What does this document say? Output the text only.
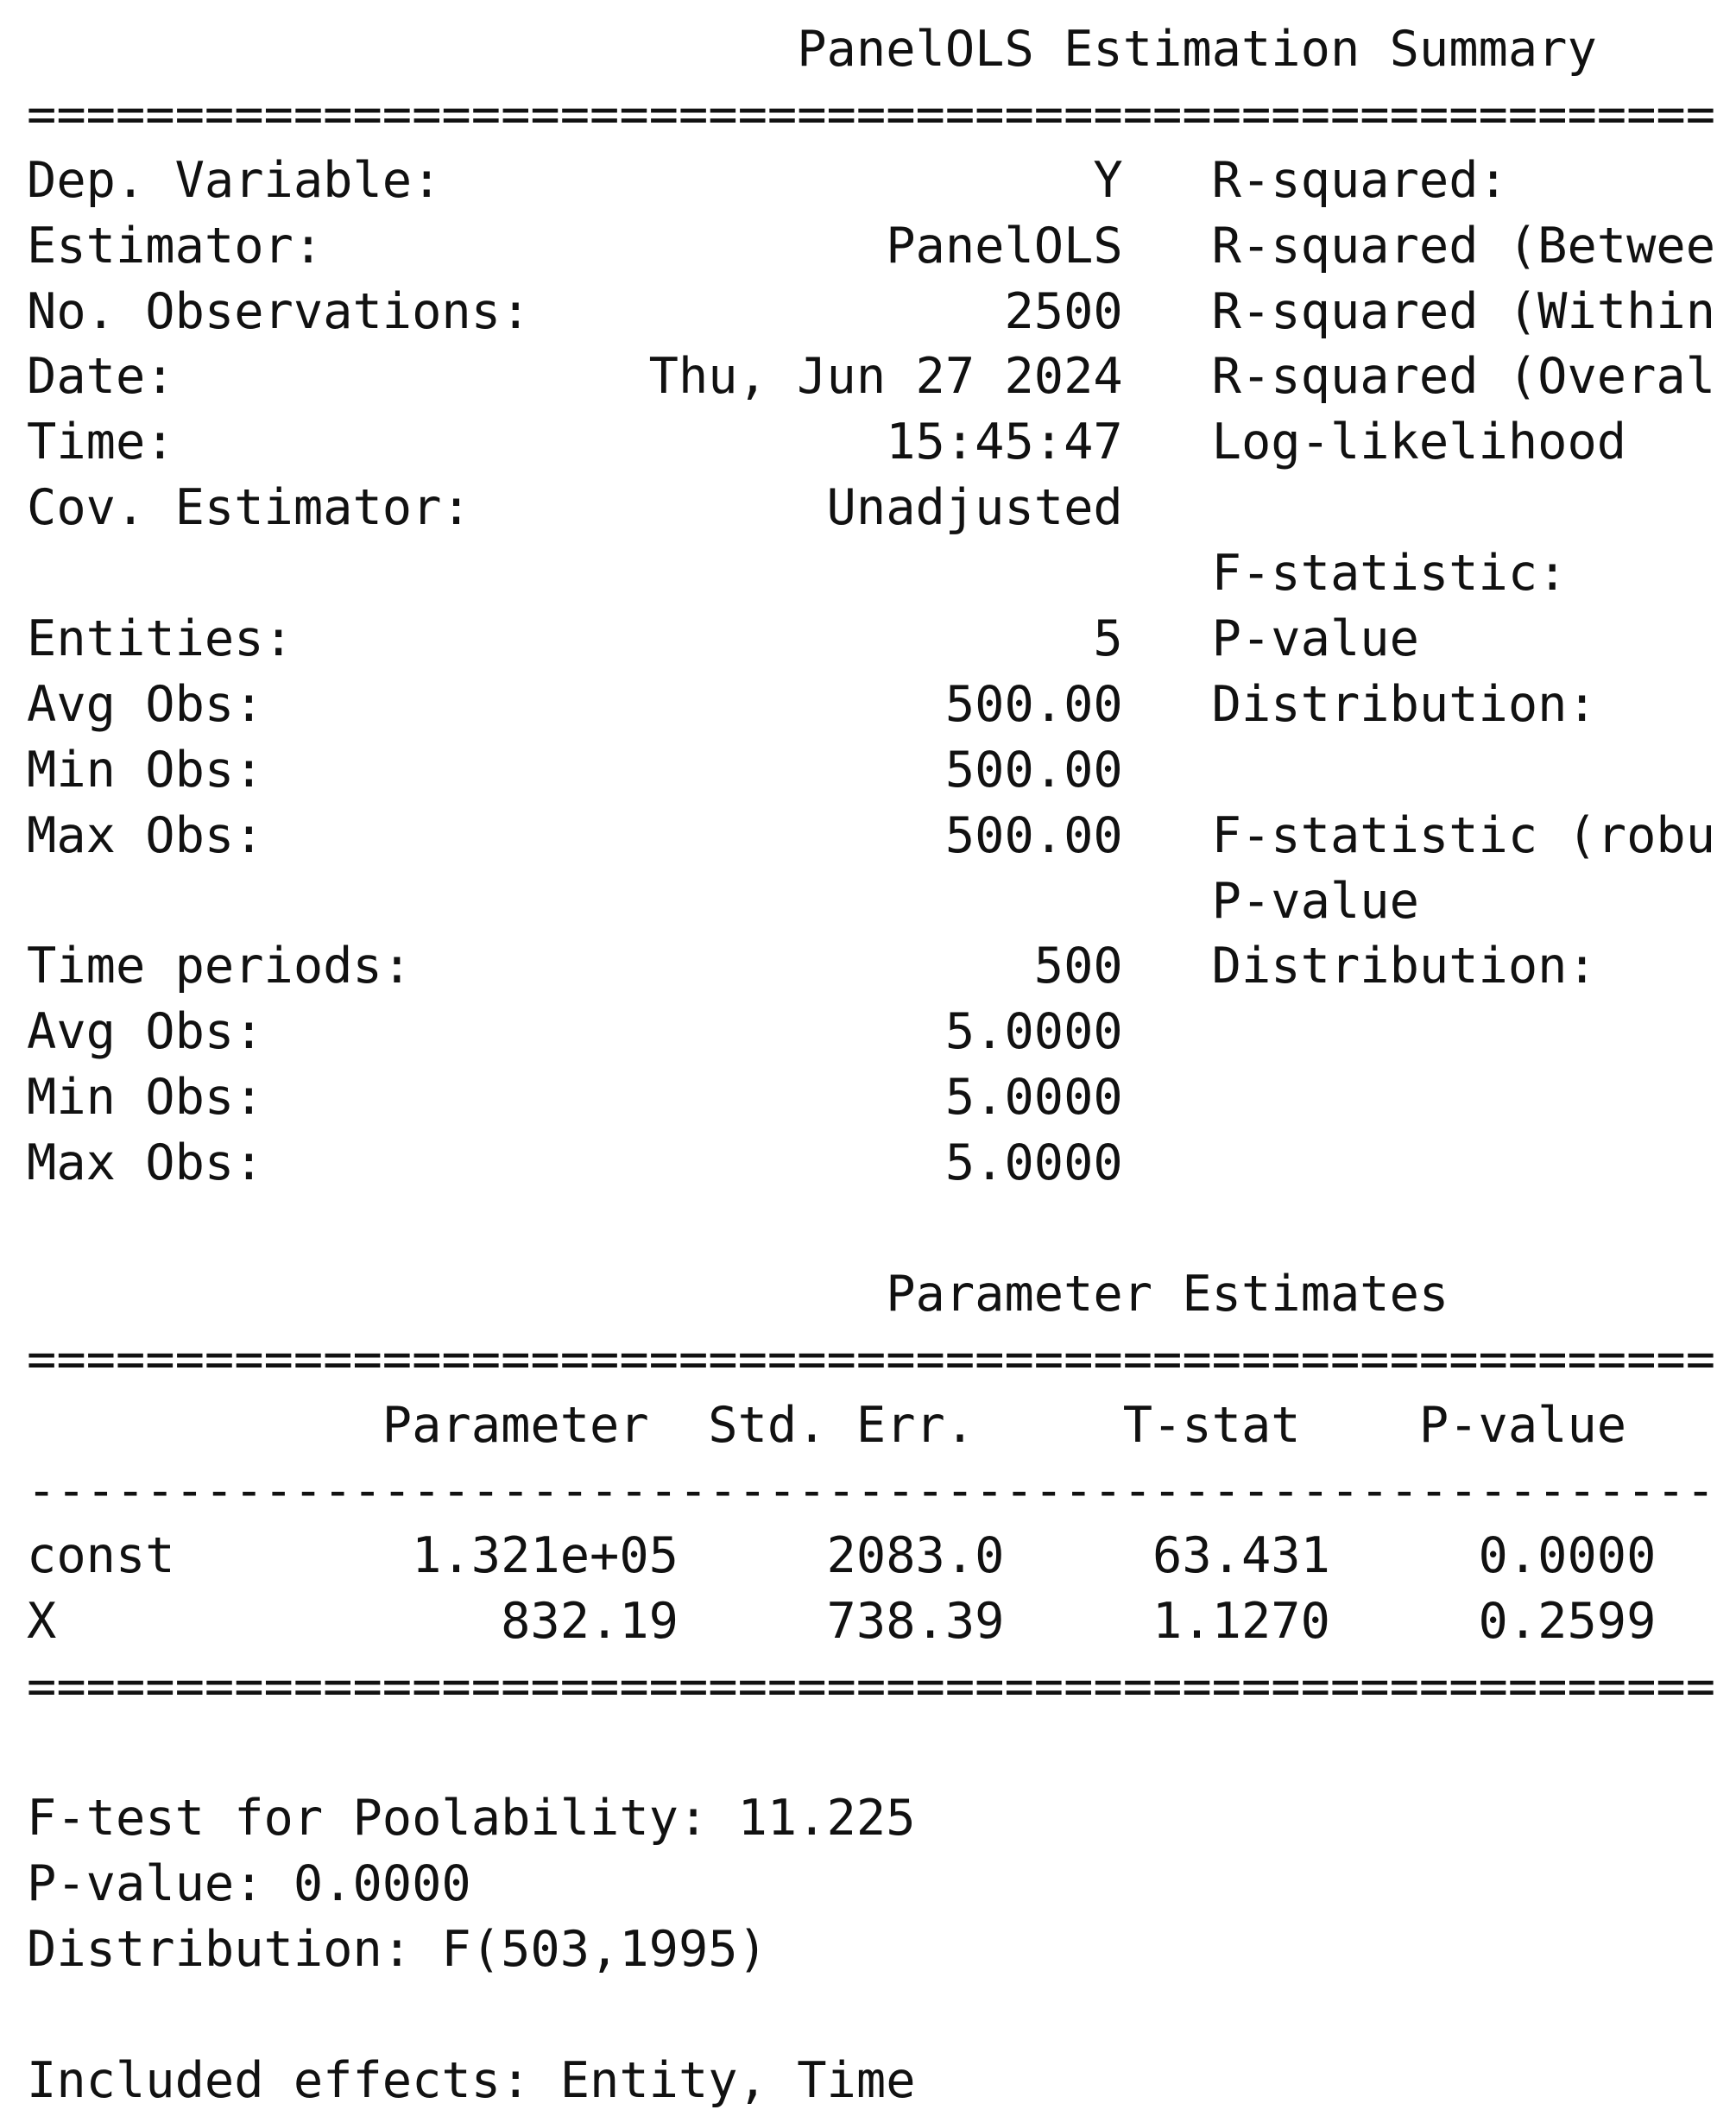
PanelOLS Estimation Summary
=========================================================
Dep. Variable:                      Y   R-squared:
Estimator:                   PanelOLS   R-squared (Betwee
No. Observations:                2500   R-squared (Within
Date:                Thu, Jun 27 2024   R-squared (Overal
Time:                        15:45:47   Log-likelihood
Cov. Estimator:            Unadjusted
F-statistic:
Entities:                           5   P-value
Avg Obs:                       500.00   Distribution:
Min Obs:                       500.00
Max Obs:                       500.00   F-statistic (robu
P-value
Time periods:                     500   Distribution:
Avg Obs:                       5.0000
Min Obs:                       5.0000
Max Obs:                       5.0000
Parameter Estimates
=========================================================
Parameter  Std. Err.     T-stat    P-value
---------------------------------------------------------
const        1.321e+05     2083.0     63.431     0.0000
X               832.19     738.39     1.1270     0.2599
=========================================================
F-test for Poolability: 11.225
P-value: 0.0000
Distribution: F(503,1995)
Included effects: Entity, Time
